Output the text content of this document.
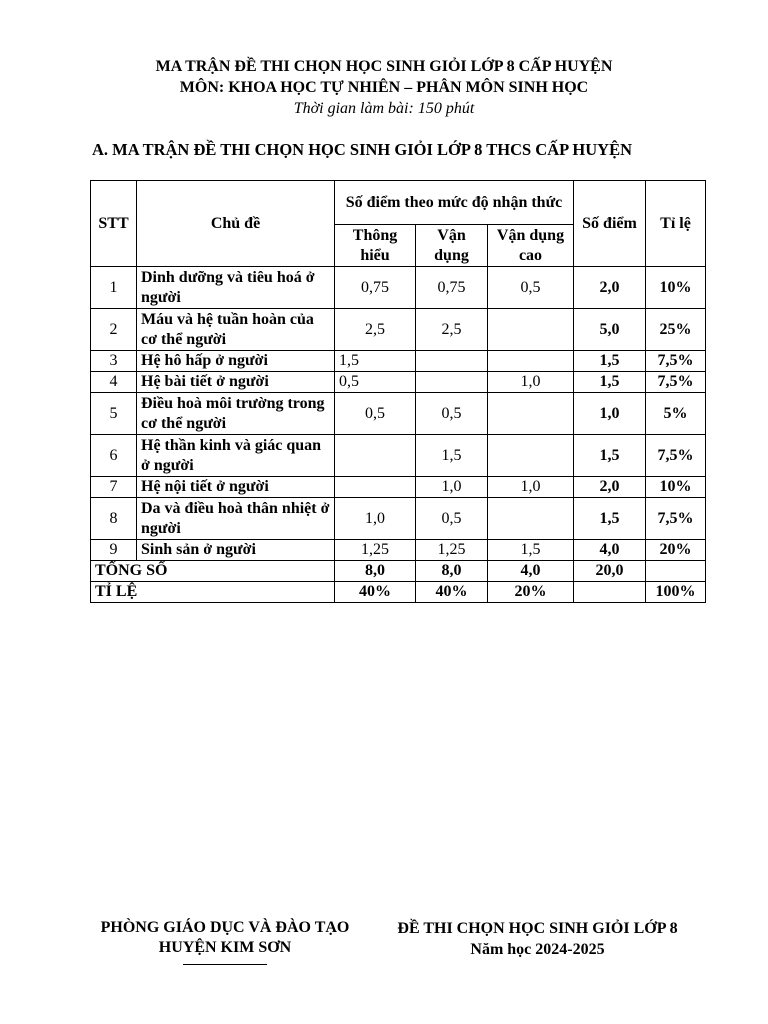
MA TRẬN ĐỀ THI CHỌN HỌC SINH GIỎI LỚP 8 CẤP HUYỆN
MÔN: KHOA HỌC TỰ NHIÊN – PHÂN MÔN SINH HỌC
Thời gian làm bài: 150 phút
A. MA TRẬN ĐỀ THI CHỌN HỌC SINH GIỎI LỚP 8 THCS CẤP HUYỆN
STT	Chủ đề	Số điểm theo mức độ nhận thức			Số điểm	Tỉ lệ
		Thông hiểu	Vận dụng	Vận dụng cao		
1	Dinh dưỡng và tiêu hoá ở người	0,75	0,75	0,5	2,0	10%
2	Máu và hệ tuần hoàn của cơ thể người	2,5	2,5		5,0	25%
3	Hệ hô hấp ở người	1,5			1,5	7,5%
4	Hệ bài tiết ở người	0,5		1,0	1,5	7,5%
5	Điều hoà môi trường trong cơ thể người	0,5	0,5		1,0	5%
6	Hệ thần kinh và giác quan ở người		1,5		1,5	7,5%
7	Hệ nội tiết ở người		1,0	1,0	2,0	10%
8	Da và điều hoà thân nhiệt ở người	1,0	0,5		1,5	7,5%
9	Sinh sản ở người	1,25	1,25	1,5	4,0	20%
TỔNG SỐ		8,0	8,0	4,0	20,0	
TỈ LỆ		40%	40%	20%		100%
PHÒNG GIÁO DỤC VÀ ĐÀO TẠO
HUYỆN KIM SƠN
ĐỀ THI CHỌN HỌC SINH GIỎI LỚP 8
Năm học 2024-2025
